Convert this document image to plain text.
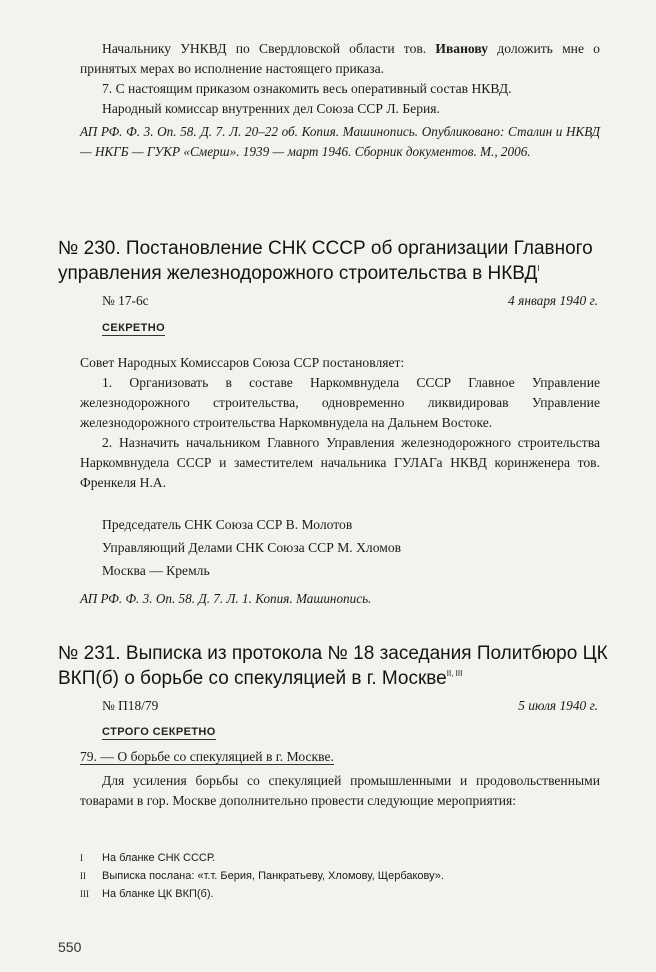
Начальнику УНКВД по Свердловской области тов. Иванову доложить мне о принятых мерах во исполнение настоящего приказа.

7. С настоящим приказом ознакомить весь оперативный состав НКВД.

Народный комиссар внутренних дел Союза ССР Л. Берия.

АП РФ. Ф. 3. Оп. 58. Д. 7. Л. 20–22 об. Копия. Машинопись. Опубликовано: Сталин и НКВД — НКГБ — ГУКР «Смерш». 1939 — март 1946. Сборник документов. М., 2006.

№ 230. Постановление СНК СССР об организации Главного управления железнодорожного строительства в $НКВД^I$
№ 17-6с	4 января 1940 г.
СЕКРЕТНО

Совет Народных Комиссаров Союза ССР постановляет:

1. Организовать в составе Наркомвнудела СССР Главное Управление железнодорожного строительства, одновременно ликвидировав Управление железнодорожного строительства Наркомвнудела на Дальнем Востоке.

2. Назначить начальником Главного Управления железнодорожного строительства Наркомвнудела СССР и заместителем начальника ГУЛАГа НКВД коринженера тов. Френкеля Н.А.

Председатель СНК Союза ССР В. Молотов

Управляющий Делами СНК Союза ССР М. Хломов

Москва — Кремль

АП РФ. Ф. 3. Оп. 58. Д. 7. Л. 1. Копия. Машинопись.

№ 231. Выписка из протокола № 18 заседания Политбюро ЦК ВКП(б) о борьбе со спекуляцией в г. Москве$^{II, III}$
№ П18/79	5 июля 1940 г.
СТРОГО СЕКРЕТНО

79. — О борьбе со спекуляцией в г. Москве.

Для усиления борьбы со спекуляцией промышленными и продовольственными товарами в гор. Москве дополнительно провести следующие мероприятия:

I На бланке СНК СССР.
II Выписка послана: «т.т. Берия, Панкратьеву, Хломову, Щербакову».
III На бланке ЦК ВКП(б).
550
